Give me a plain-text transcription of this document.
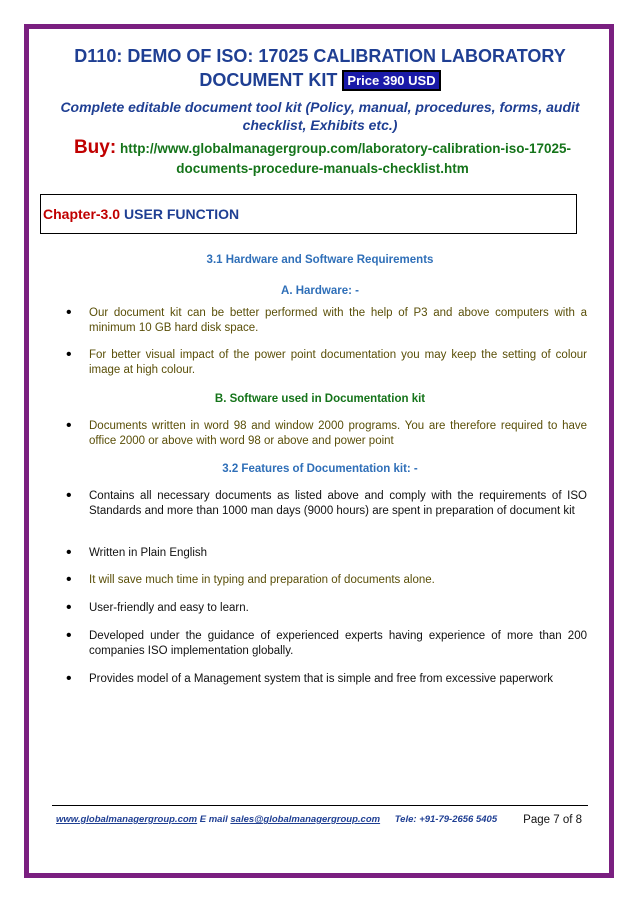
D110: DEMO OF ISO: 17025 CALIBRATION LABORATORY
DOCUMENT KIT Price 390 USD
Complete editable document tool kit (Policy, manual, procedures, forms, audit checklist, Exhibits etc.)
Buy: http://www.globalmanagergroup.com/laboratory-calibration-iso-17025-documents-procedure-manuals-checklist.htm
Chapter-3.0 USER FUNCTION
3.1 Hardware and Software Requirements
A. Hardware: -
• Our document kit can be better performed with the help of P3 and above computers with a minimum 10 GB hard disk space.
• For better visual impact of the power point documentation you may keep the setting of colour image at high colour.
B. Software used in Documentation kit
• Documents written in word 98 and window 2000 programs. You are therefore required to have office 2000 or above with word 98 or above and power point
3.2 Features of Documentation kit: -
• Contains all necessary documents as listed above and comply with the requirements of ISO Standards and more than 1000 man days (9000 hours) are spent in preparation of document kit
• Written in Plain English
• It will save much time in typing and preparation of documents alone.
• User-friendly and easy to learn.
• Developed under the guidance of experienced experts having experience of more than 200 companies ISO implementation globally.
• Provides model of a Management system that is simple and free from excessive paperwork
www.globalmanagergroup.com E mail sales@globalmanagergroup.com Tele: +91-79-2656 5405 Page 7 of 8
